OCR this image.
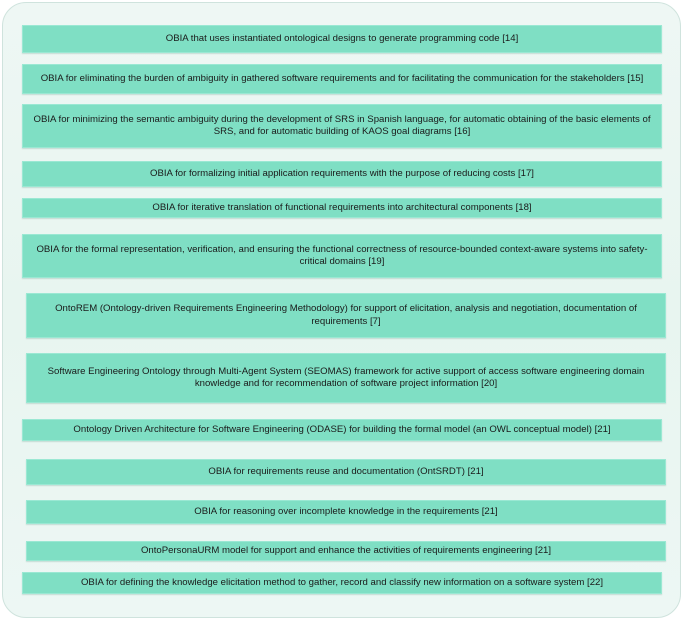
OBIA that uses instantiated ontological designs to generate programming code [14]
OBIA for eliminating the burden of ambiguity in gathered software requirements and for facilitating the communication for the stakeholders [15]
OBIA for minimizing the semantic ambiguity during the development of SRS in Spanish language, for automatic obtaining of the basic elements of SRS, and for automatic building of KAOS goal diagrams [16]
OBIA for formalizing initial application requirements with the purpose of reducing costs [17]
OBIA for iterative translation of functional requirements into architectural components [18]
OBIA for the formal representation, verification, and ensuring the functional correctness of resource-bounded context-aware systems into safety-critical domains [19]
OntoREM (Ontology-driven Requirements Engineering Methodology) for support of elicitation, analysis and negotiation, documentation of requirements [7]
Software Engineering Ontology through Multi-Agent System (SEOMAS) framework for active support of access software engineering domain knowledge and for recommendation of software project information [20]
Ontology Driven Architecture for Software Engineering (ODASE) for building the formal model (an OWL conceptual model) [21]
OBIA for requirements reuse and documentation (OntSRDT) [21]
OBIA for reasoning over incomplete knowledge in the requirements [21]
OntoPersonaURM model for support and enhance the activities of requirements engineering [21]
OBIA for defining the knowledge elicitation method to gather, record and classify new information on a software system [22]
